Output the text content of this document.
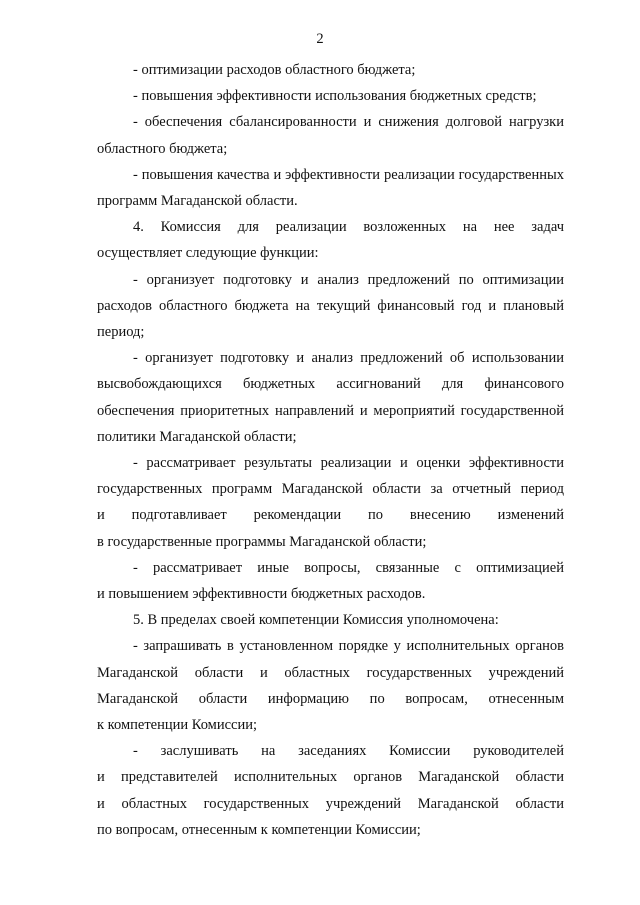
2
- оптимизации расходов областного бюджета;
- повышения эффективности использования бюджетных средств;
- обеспечения сбалансированности и снижения долговой нагрузки
областного бюджета;
- повышения качества и эффективности реализации государственных
программ Магаданской области.
4. Комиссия для реализации возложенных на нее задач
осуществляет следующие функции:
- организует подготовку и анализ предложений по оптимизации
расходов областного бюджета на текущий финансовый год и плановый
период;
- организует подготовку и анализ предложений об использовании
высвобождающихся бюджетных ассигнований для финансового
обеспечения приоритетных направлений и мероприятий государственной
политики Магаданской области;
- рассматривает результаты реализации и оценки эффективности
государственных программ Магаданской области за отчетный период
и подготавливает рекомендации по внесению изменений
в государственные программы Магаданской области;
- рассматривает иные вопросы, связанные с оптимизацией
и повышением эффективности бюджетных расходов.
5. В пределах своей компетенции Комиссия уполномочена:
- запрашивать в установленном порядке у исполнительных органов
Магаданской области и областных государственных учреждений
Магаданской области информацию по вопросам, отнесенным
к компетенции Комиссии;
- заслушивать на заседаниях Комиссии руководителей
и представителей исполнительных органов Магаданской области
и областных государственных учреждений Магаданской области
по вопросам, отнесенным к компетенции Комиссии;
